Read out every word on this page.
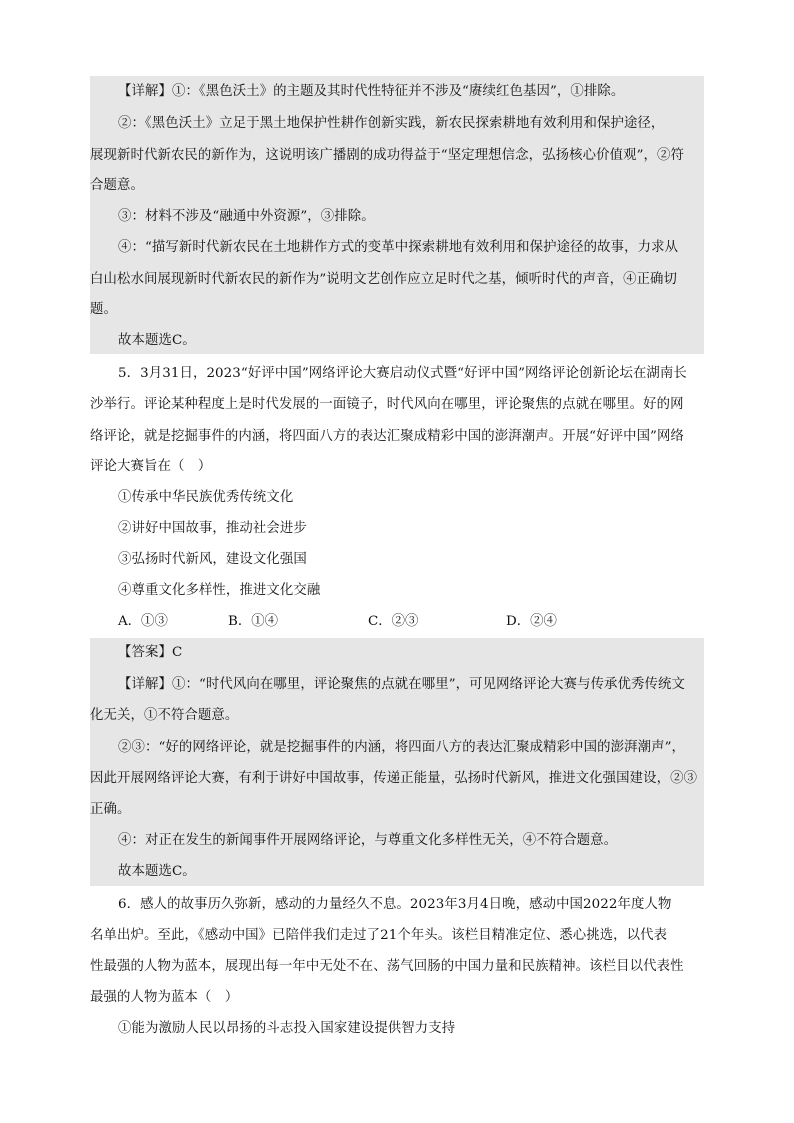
【详解】①：《黑色沃土》的主题及其时代性特征并不涉及“赓续红色基因”，①排除。
②：《黑色沃土》立足于黑土地保护性耕作创新实践，新农民探索耕地有效利用和保护途径，
展现新时代新农民的新作为，这说明该广播剧的成功得益于“坚定理想信念，弘扬核心价值观”，②符
合题意。
③：材料不涉及“融通中外资源”，③排除。
④：“描写新时代新农民在土地耕作方式的变革中探索耕地有效利用和保护途径的故事，力求从
白山松水间展现新时代新农民的新作为”说明文艺创作应立足时代之基，倾听时代的声音，④正确切
题。
故本题选C。
5．3月31日，2023“好评中国”网络评论大赛启动仪式暨“好评中国”网络评论创新论坛在湖南长
沙举行。评论某种程度上是时代发展的一面镜子，时代风向在哪里，评论聚焦的点就在哪里。好的网
络评论，就是挖掘事件的内涵，将四面八方的表达汇聚成精彩中国的澎湃潮声。开展“好评中国”网络
评论大赛旨在（　）
①传承中华民族优秀传统文化
②讲好中国故事，推动社会进步
③弘扬时代新风，建设文化强国
④尊重文化多样性，推进文化交融
A．①③	B．①④	C．②③	D．②④
【答案】C
【详解】①：“时代风向在哪里，评论聚焦的点就在哪里”，可见网络评论大赛与传承优秀传统文
化无关，①不符合题意。
②③：“好的网络评论，就是挖掘事件的内涵，将四面八方的表达汇聚成精彩中国的澎湃潮声”，
因此开展网络评论大赛，有利于讲好中国故事，传递正能量，弘扬时代新风，推进文化强国建设，②③
正确。
④：对正在发生的新闻事件开展网络评论，与尊重文化多样性无关，④不符合题意。
故本题选C。
6．感人的故事历久弥新，感动的力量经久不息。2023年3月4日晚，感动中国2022年度人物
名单出炉。至此，《感动中国》已陪伴我们走过了21个年头。该栏目精准定位、悉心挑选，以代表
性最强的人物为蓝本，展现出每一年中无处不在、荡气回肠的中国力量和民族精神。该栏目以代表性
最强的人物为蓝本（　）
①能为激励人民以昂扬的斗志投入国家建设提供智力支持
